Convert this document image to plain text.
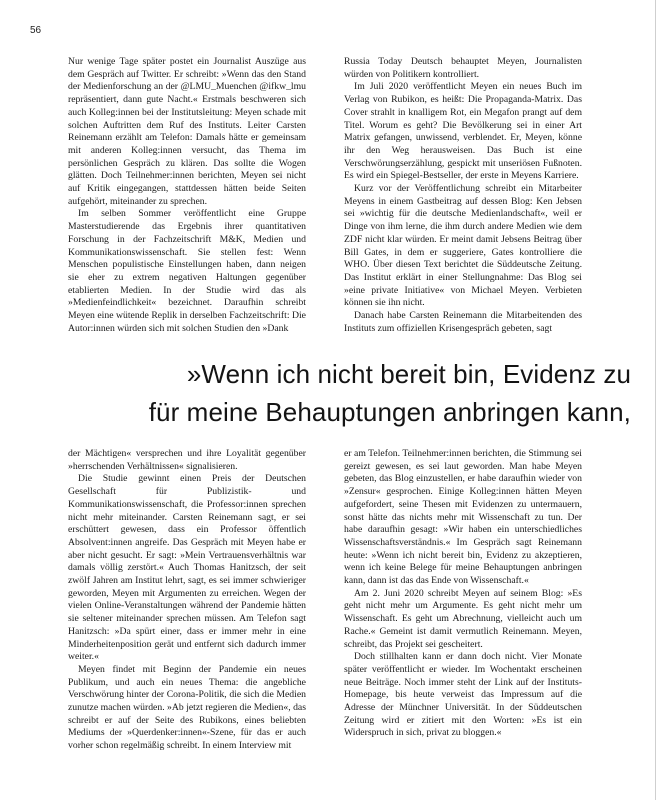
56

Nur wenige Tage später postet ein Journalist Auszüge aus dem Gespräch auf Twitter. Er schreibt: »Wenn das den Stand der Medienforschung an der @LMU_Muenchen @ifkw_lmu repräsentiert, dann gute Nacht.« Erstmals beschweren sich auch Kolleg:innen bei der Institutsleitung: Meyen schade mit solchen Auftritten dem Ruf des Instituts. Leiter Carsten Reinemann erzählt am Telefon: Damals hätte er gemeinsam mit anderen Kolleg:innen versucht, das Thema im persönlichen Gespräch zu klären. Das sollte die Wogen glätten. Doch Teilnehmer:innen berichten, Meyen sei nicht auf Kritik eingegangen, stattdessen hätten beide Seiten aufgehört, miteinander zu sprechen.

Im selben Sommer veröffentlicht eine Gruppe Masterstudierende das Ergebnis ihrer quantitativen Forschung in der Fachzeitschrift M&K, Medien und Kommunikationswissenschaft. Sie stellen fest: Wenn Menschen populistische Einstellungen haben, dann neigen sie eher zu extrem negativen Haltungen gegenüber etablierten Medien. In der Studie wird das als »Medienfeindlichkeit« bezeichnet. Daraufhin schreibt Meyen eine wütende Replik in derselben Fachzeitschrift: Die Autor:innen würden sich mit solchen Studien den »Dank

Russia Today Deutsch behauptet Meyen, Journalisten würden von Politikern kontrolliert.

Im Juli 2020 veröffentlicht Meyen ein neues Buch im Verlag von Rubikon, es heißt: Die Propaganda-Matrix. Das Cover strahlt in knalligem Rot, ein Megafon prangt auf dem Titel. Worum es geht? Die Bevölkerung sei in einer Art Matrix gefangen, unwissend, verblendet. Er, Meyen, könne ihr den Weg herausweisen. Das Buch ist eine Verschwörungserzählung, gespickt mit unseriösen Fußnoten. Es wird ein Spiegel-Bestseller, der erste in Meyens Karriere.

Kurz vor der Veröffentlichung schreibt ein Mitarbeiter Meyens in einem Gastbeitrag auf dessen Blog: Ken Jebsen sei »wichtig für die deutsche Medienlandschaft«, weil er Dinge von ihm lerne, die ihm durch andere Medien wie dem ZDF nicht klar würden. Er meint damit Jebsens Beitrag über Bill Gates, in dem er suggeriere, Gates kontrolliere die WHO. Über diesen Text berichtet die Süddeutsche Zeitung. Das Institut erklärt in einer Stellungnahme: Das Blog sei »eine private Initiative« von Michael Meyen. Verbieten können sie ihn nicht.

Danach habe Carsten Reinemann die Mitarbeitenden des Instituts zum offiziellen Krisengespräch gebeten, sagt

»Wenn ich nicht bereit bin, Evidenz zu
für meine Behauptungen anbringen kann,

der Mächtigen« versprechen und ihre Loyalität gegenüber »herrschenden Verhältnissen« signalisieren.

Die Studie gewinnt einen Preis der Deutschen Gesellschaft für Publizistik- und Kommunikationswissenschaft, die Professor:innen sprechen nicht mehr miteinander. Carsten Reinemann sagt, er sei erschüttert gewesen, dass ein Professor öffentlich Absolvent:innen angreife. Das Gespräch mit Meyen habe er aber nicht gesucht. Er sagt: »Mein Vertrauensverhältnis war damals völlig zerstört.« Auch Thomas Hanitzsch, der seit zwölf Jahren am Institut lehrt, sagt, es sei immer schwieriger geworden, Meyen mit Argumenten zu erreichen. Wegen der vielen Online-Veranstaltungen während der Pandemie hätten sie seltener miteinander sprechen müssen. Am Telefon sagt Hanitzsch: »Da spürt einer, dass er immer mehr in eine Minderheitenposition gerät und entfernt sich dadurch immer weiter.«

Meyen findet mit Beginn der Pandemie ein neues Publikum, und auch ein neues Thema: die angebliche Verschwörung hinter der Corona-Politik, die sich die Medien zunutze machen würden. »Ab jetzt regieren die Medien«, das schreibt er auf der Seite des Rubikons, eines beliebten Mediums der »Querdenker:innen«-Szene, für das er auch vorher schon regelmäßig schreibt. In einem Interview mit

er am Telefon. Teilnehmer:innen berichten, die Stimmung sei gereizt gewesen, es sei laut geworden. Man habe Meyen gebeten, das Blog einzustellen, er habe daraufhin wieder von »Zensur« gesprochen. Einige Kolleg:innen hätten Meyen aufgefordert, seine Thesen mit Evidenzen zu untermauern, sonst hätte das nichts mehr mit Wissenschaft zu tun. Der habe daraufhin gesagt: »Wir haben ein unterschiedliches Wissenschaftsverständnis.« Im Gespräch sagt Reinemann heute: »Wenn ich nicht bereit bin, Evidenz zu akzeptieren, wenn ich keine Belege für meine Behauptungen anbringen kann, dann ist das das Ende von Wissenschaft.«

Am 2. Juni 2020 schreibt Meyen auf seinem Blog: »Es geht nicht mehr um Argumente. Es geht nicht mehr um Wissenschaft. Es geht um Abrechnung, vielleicht auch um Rache.« Gemeint ist damit vermutlich Reinemann. Meyen, schreibt, das Projekt sei gescheitert.

Doch stillhalten kann er dann doch nicht. Vier Monate später veröffentlicht er wieder. Im Wochentakt erscheinen neue Beiträge. Noch immer steht der Link auf der Instituts-Homepage, bis heute verweist das Impressum auf die Adresse der Münchner Universität. In der Süddeutschen Zeitung wird er zitiert mit den Worten: »Es ist ein Widerspruch in sich, privat zu bloggen.«
